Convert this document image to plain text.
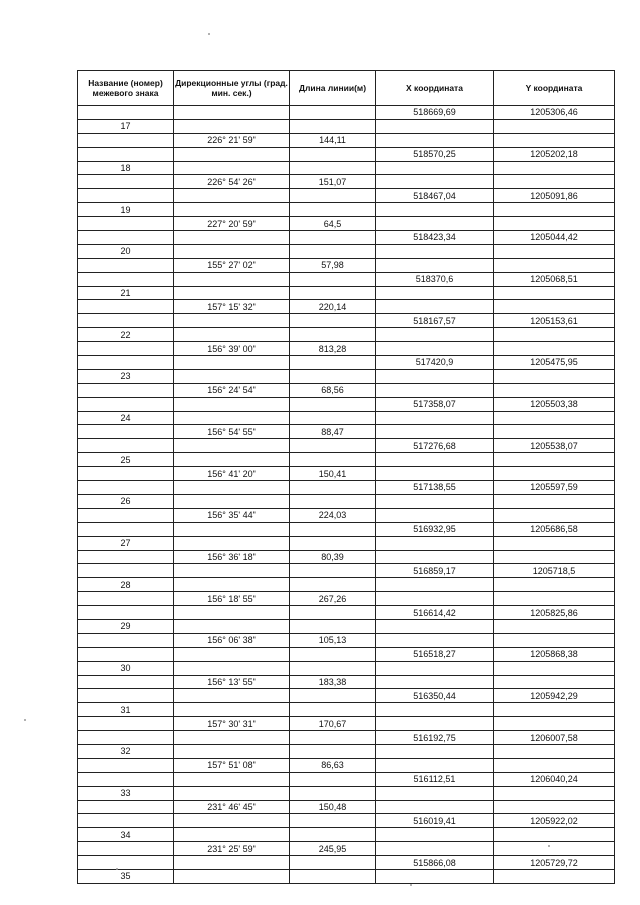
Название (номер) межевого знака	Дирекционные углы (град. мин. сек.)	Длина линии(м)	X координата	Y координата
			518669,69	1205306,46
17				
	226° 21' 59"	144,11		
			518570,25	1205202,18
18				
	226° 54' 26"	151,07		
			518467,04	1205091,86
19				
	227° 20' 59"	64,5		
			518423,34	1205044,42
20				
	155° 27' 02"	57,98		
			518370,6	1205068,51
21				
	157° 15' 32"	220,14		
			518167,57	1205153,61
22				
	156° 39' 00"	813,28		
			517420,9	1205475,95
23				
	156° 24' 54"	68,56		
			517358,07	1205503,38
24				
	156° 54' 55"	88,47		
			517276,68	1205538,07
25				
	156° 41' 20"	150,41		
			517138,55	1205597,59
26				
	156° 35' 44"	224,03		
			516932,95	1205686,58
27				
	156° 36' 18"	80,39		
			516859,17	1205718,5
28				
	156° 18' 55"	267,26		
			516614,42	1205825,86
29				
	156° 06' 38"	105,13		
			516518,27	1205868,38
30				
	156° 13' 55"	183,38		
			516350,44	1205942,29
31				
	157° 30' 31"	170,67		
			516192,75	1206007,58
32				
	157° 51' 08"	86,63		
			516112,51	1206040,24
33				
	231° 46' 45"	150,48		
			516019,41	1205922,02
34				
	231° 25' 59"	245,95		
			515866,08	1205729,72
35				
